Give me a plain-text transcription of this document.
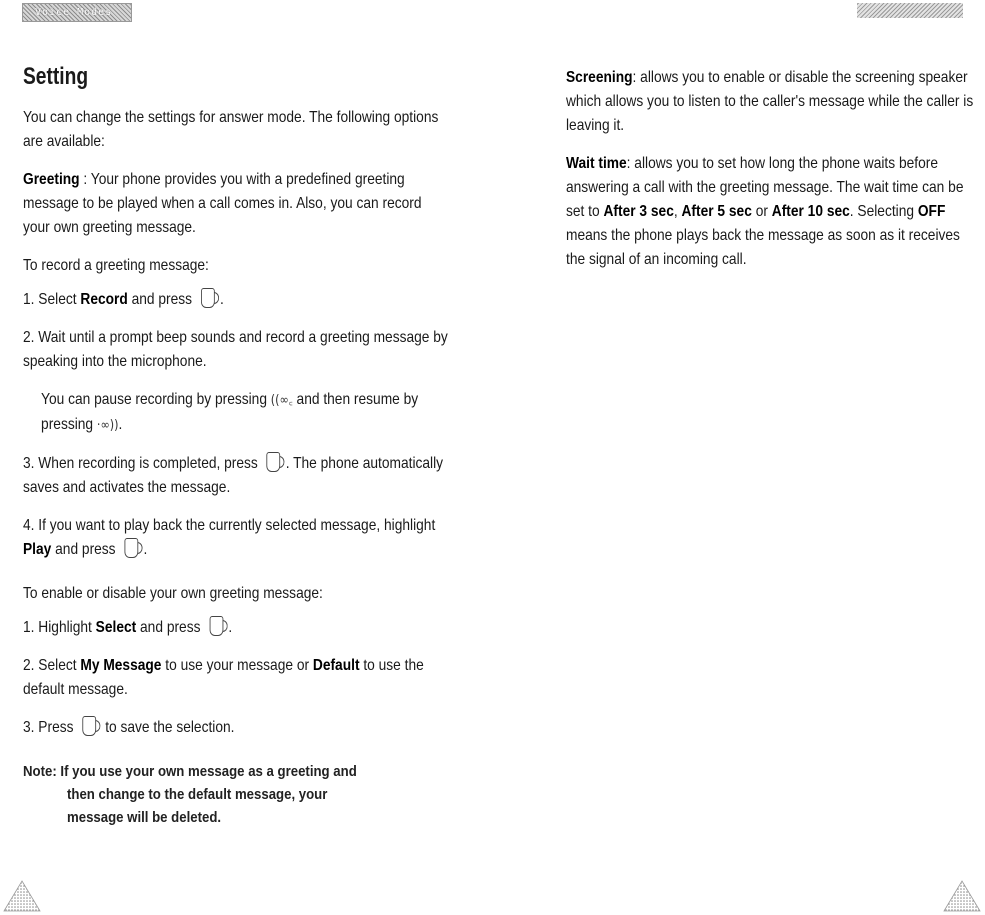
Voice Modes
Setting

You can change the settings for answer mode. The following options are available:

Greeting : Your phone provides you with a predefined greeting message to be played when a call comes in. Also, you can record your own greeting message.

To record a greeting message:

1. Select Record and press .

2. Wait until a prompt beep sounds and record a greeting message by speaking into the microphone.

You can pause recording by pressing ((∞꜀ and then resume by pressing ·∞)).

3. When recording is completed, press . The phone automatically saves and activates the message.

4. If you want to play back the currently selected message, highlight Play and press .

To enable or disable your own greeting message:

1. Highlight Select and press .

2. Select My Message to use your message or Default to use the default message.

3. Press  to save the selection.

Note: If you use your own message as a greeting and
then change to the default message, your
message will be deleted.

Screening: allows you to enable or disable the screening speaker which allows you to listen to the caller's message while the caller is leaving it.

Wait time: allows you to set how long the phone waits before answering a call with the greeting message. The wait time can be set to After 3 sec, After 5 sec or After 10 sec. Selecting OFF means the phone plays back the message as soon as it receives the signal of an incoming call.
